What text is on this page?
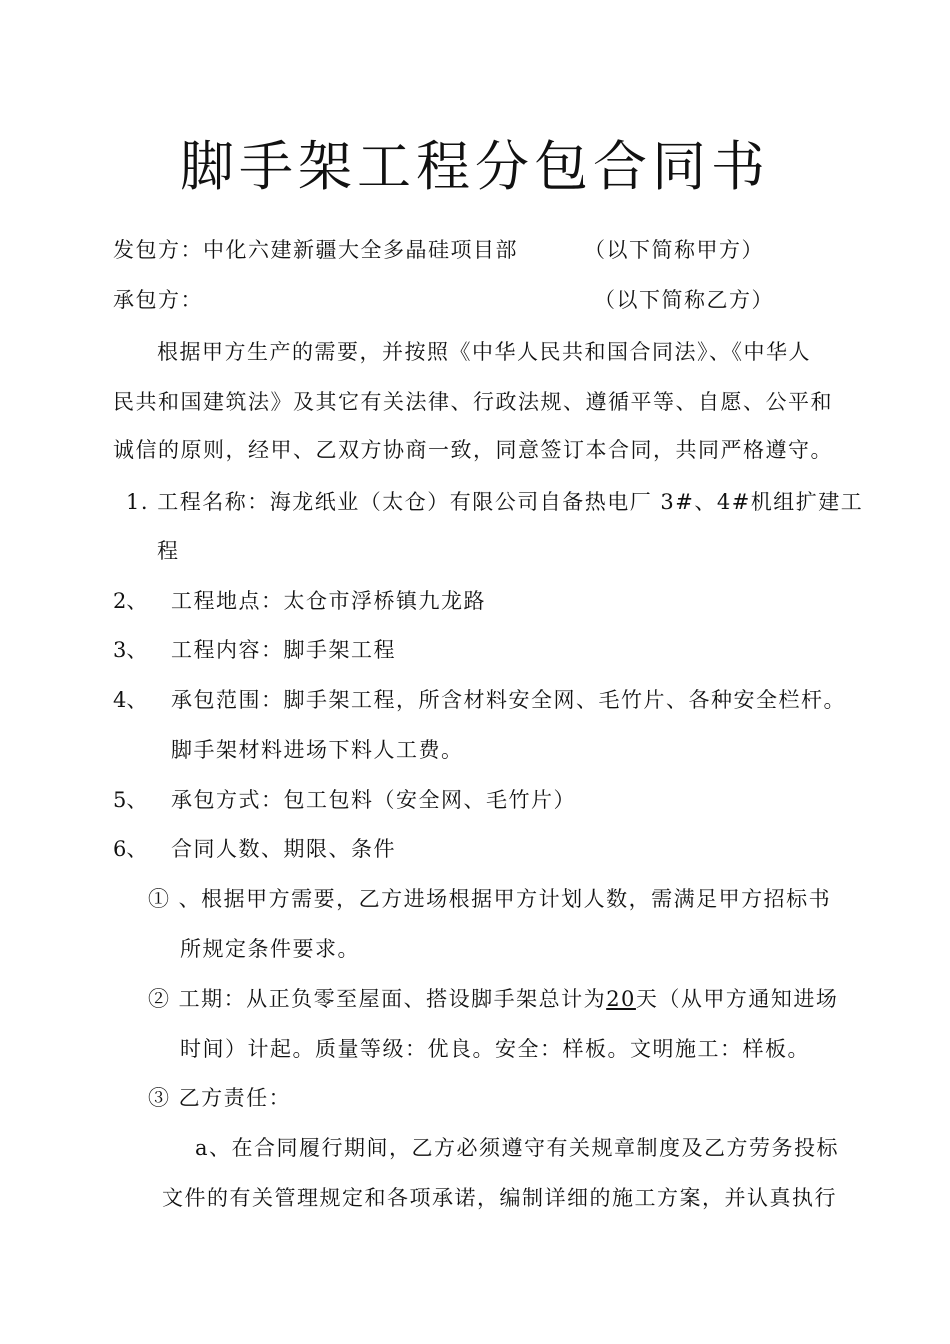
脚手架工程分包合同书
发包方： 中化六建新疆大全多晶硅项目部	（以下简称甲方）
承包方：	（以下简称乙方）
根据甲方生产的需要，并按照《中华人民共和国合同法》、《中华人
民共和国建筑法》及其它有关法律、行政法规、遵循平等、自愿、公平和
诚信的原则，经甲、乙双方协商一致，同意签订本合同，共同严格遵守。
1. 工程名称：海龙纸业（太仓）有限公司自备热电厂 3#、4#机组扩建工
程
2、 工程地点：太仓市浮桥镇九龙路
3、 工程内容：脚手架工程
4、 承包范围：脚手架工程，所含材料安全网、毛竹片、各种安全栏杆。
脚手架材料进场下料人工费。
5、 承包方式：包工包料（安全网、毛竹片）
6、 合同人数、期限、条件
① 、根据甲方需要，乙方进场根据甲方计划人数，需满足甲方招标书
所规定条件要求。
② 工期：从正负零至屋面、搭设脚手架总计为20天（从甲方通知进场
时间）计起。质量等级：优良。安全：样板。文明施工：样板。
③ 乙方责任：
a、在合同履行期间，乙方必须遵守有关规章制度及乙方劳务投标
文件的有关管理规定和各项承诺，编制详细的施工方案，并认真执行
